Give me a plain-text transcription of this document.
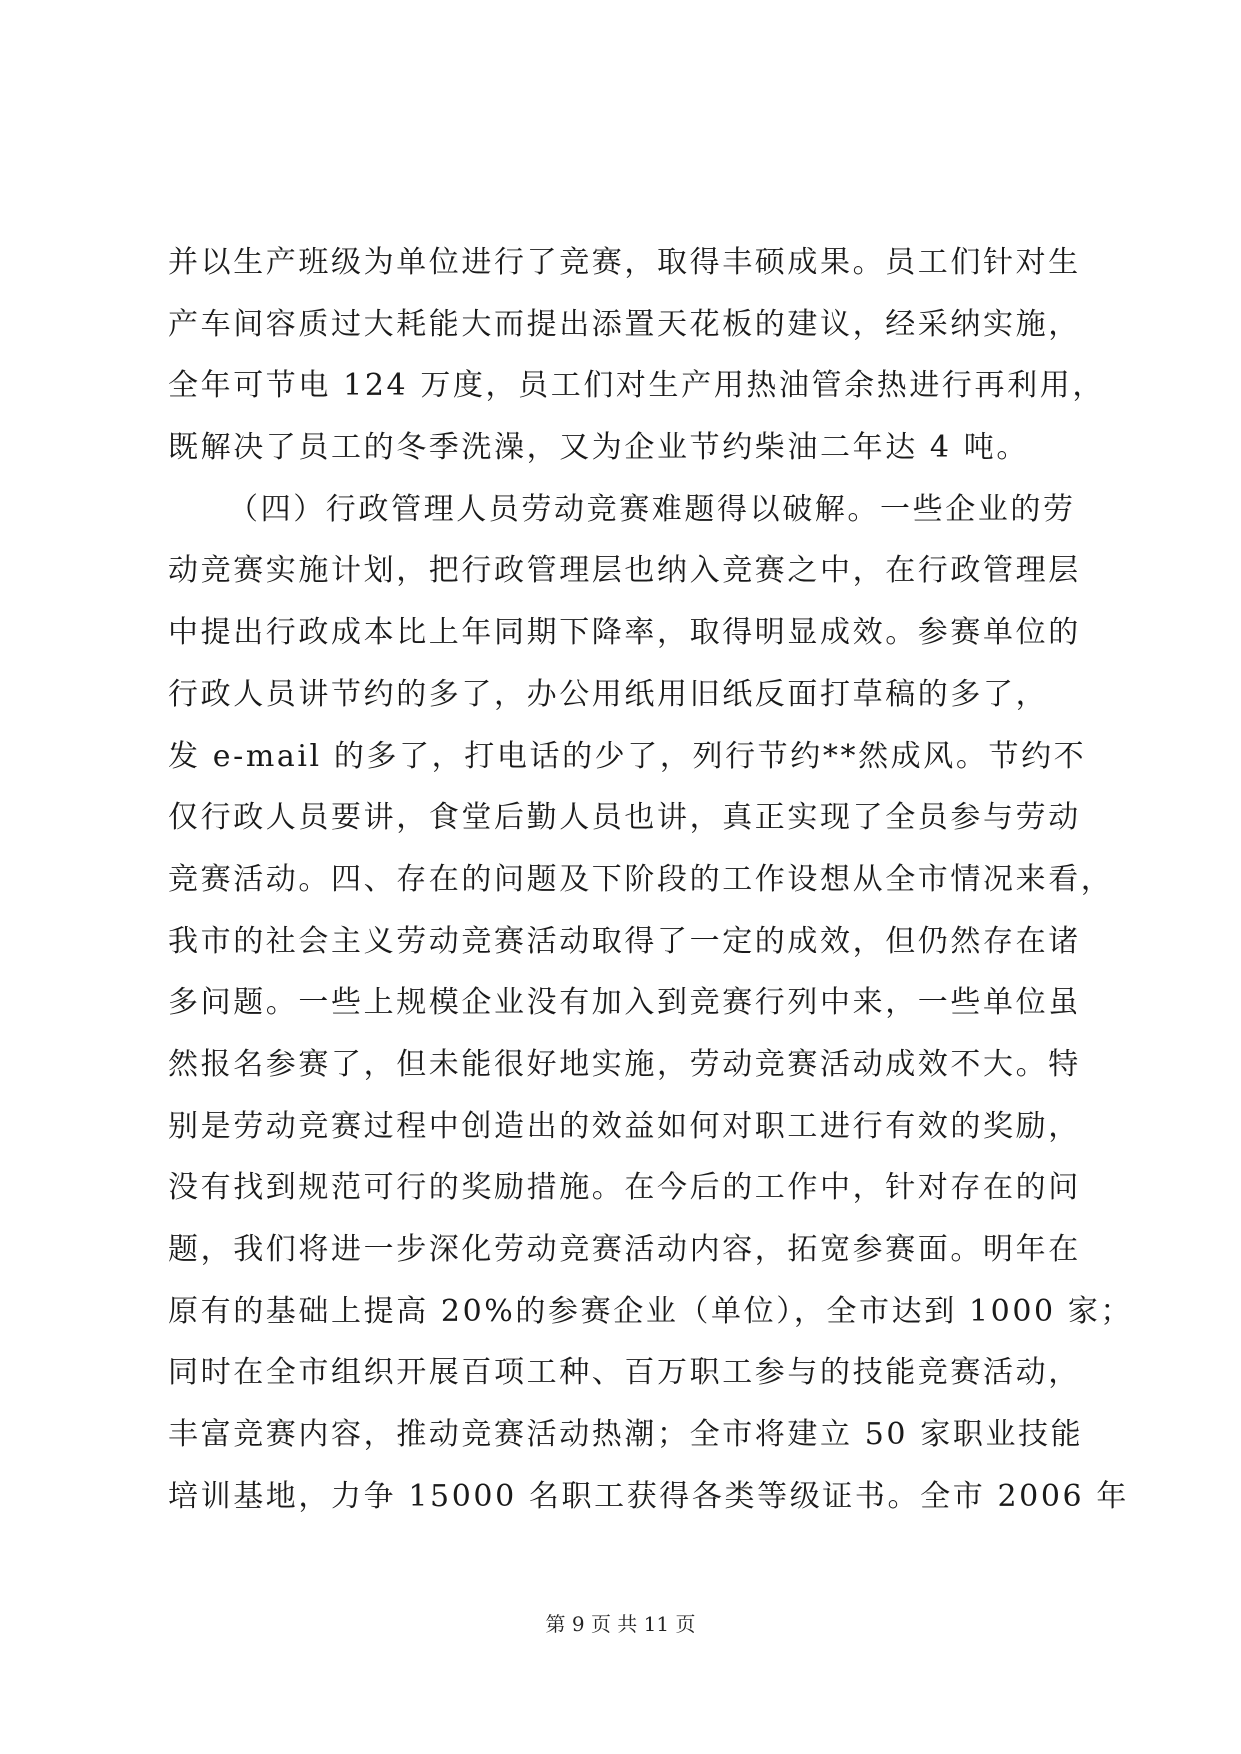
并以生产班级为单位进行了竞赛，取得丰硕成果。员工们针对生
产车间容质过大耗能大而提出添置天花板的建议，经采纳实施，
全年可节电 124 万度，员工们对生产用热油管余热进行再利用，
既解决了员工的冬季洗澡，又为企业节约柴油二年达 4 吨。
（四）行政管理人员劳动竞赛难题得以破解。一些企业的劳
动竞赛实施计划，把行政管理层也纳入竞赛之中，在行政管理层
中提出行政成本比上年同期下降率，取得明显成效。参赛单位的
行政人员讲节约的多了，办公用纸用旧纸反面打草稿的多了，
发 e-mail 的多了，打电话的少了，列行节约**然成风。节约不
仅行政人员要讲，食堂后勤人员也讲，真正实现了全员参与劳动
竞赛活动。四、存在的问题及下阶段的工作设想从全市情况来看，
我市的社会主义劳动竞赛活动取得了一定的成效，但仍然存在诸
多问题。一些上规模企业没有加入到竞赛行列中来，一些单位虽
然报名参赛了，但未能很好地实施，劳动竞赛活动成效不大。特
别是劳动竞赛过程中创造出的效益如何对职工进行有效的奖励，
没有找到规范可行的奖励措施。在今后的工作中，针对存在的问
题，我们将进一步深化劳动竞赛活动内容，拓宽参赛面。明年在
原有的基础上提高 20%的参赛企业（单位），全市达到 1000 家；
同时在全市组织开展百项工种、百万职工参与的技能竞赛活动，
丰富竞赛内容，推动竞赛活动热潮；全市将建立 50 家职业技能
培训基地，力争 15000 名职工获得各类等级证书。全市 2006 年
第 9 页 共 11 页
